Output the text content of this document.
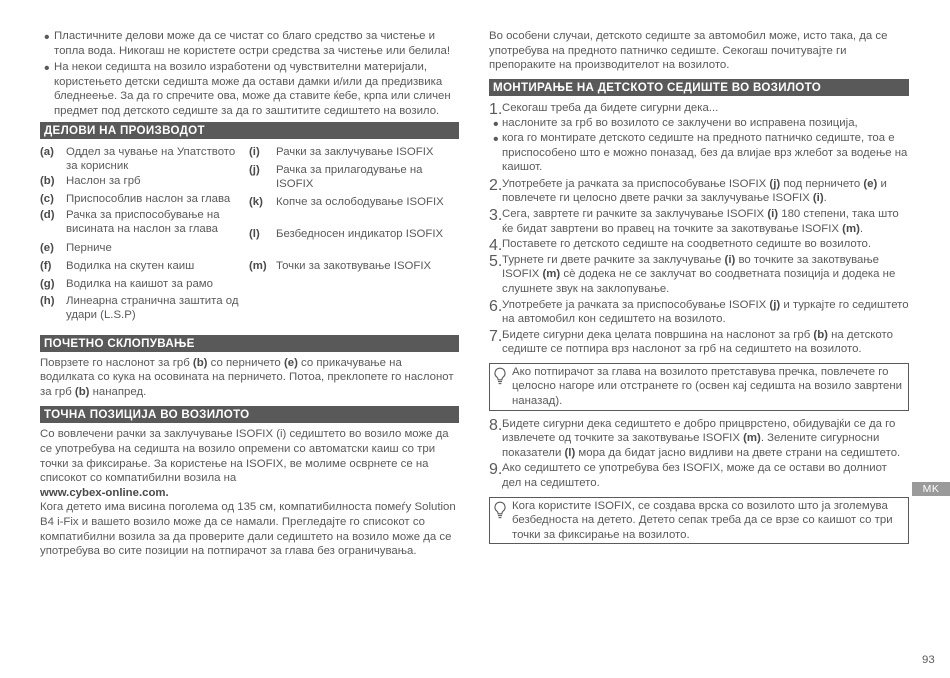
• Пластичните делови може да се чистат со благо средство за чистење и топла вода. Никогаш не користете остри средства за чистење или белила!

• На некои седишта на возило изработени од чувствителни материјали, користењето детски седишта може да остави дамки и/или да предизвика бледнеење. За да го спречите ова, може да ставите ќебе, крпа или сличен предмет под детското седиште за да го заштитите седиштето на возило.

ДЕЛОВИ НА ПРОИЗВОДОТ
(a)	Оддел за чување на Упатството за корисник
(b)	Наслон за грб
(c)	Приспособлив наслон за глава
(d)	Рачка за приспособување на висината на наслон за глава
(e)	Перниче
(f)	Водилка на скутен каиш
(g)	Водилка на каишот за рамо
(h)	Линеарна странична заштита од удари (L.S.P)
(i)	Рачки за заклучување ISOFIX
(j)	Рачка за прилагодување на ISOFIX
(k)	Копче за ослободување ISOFIX
(l)	Безбедносен индикатор ISOFIX
(m) Точки за закотвување ISOFIX
ПОЧЕТНО СКЛОПУВАЊЕ

Поврзете го наслонот за грб (b) со перничето (e) со прикачување на водилката со кука на осовината на перничето. Потоа, преклопете го наслонот за грб (b) нанапред.

ТОЧНА ПОЗИЦИЈА ВО ВОЗИЛОТО

Со вовлечени рачки за заклучување ISOFIX (i) седиштето во возило може да се употребува на седишта на возило опремени со автоматски каиш со три точки за фиксирање. За користење на ISOFIX, ве молиме осврнете се на списокот со компатибилни возила на

www.cybex-online.com.

Кога детето има висина поголема од 135 см, компатибилноста помеѓу Solution B4 i-Fix и вашето возило може да се намали. Прегледајте го списокот со компатибилни возила за да проверите дали седиштето на возило може да се употребува во сите позиции на потпирачот за глава без ограничувања.

Во особени случаи, детското седиште за автомобил може, исто така, да се употребува на предното патничко седиште. Секогаш почитувајте ги препораките на производителот на возилото.

МОНТИРАЊЕ НА ДЕТСКОТО СЕДИШТЕ ВО ВОЗИЛОТО
1. Секогаш треба да бидете сигурни дека...

• наслоните за грб во возилото се заклучени во исправена позиција,

• кога го монтирате детското седиште на предното патничко седиште, тоа е приспособено што е можно поназад, без да влијае врз жлебот за водење на каишот.

2. Употребете ја рачката за приспособување ISOFIX (j) под перничето (e) и повлечете ги целосно двете рачки за заклучување ISOFIX (i).

3. Сега, завртете ги рачките за заклучување ISOFIX (i) 180 степени, така што ќе бидат завртени во правец на точките за закотвување ISOFIX (m).

4. Поставете го детското седиште на соодветното седиште во возилото.

5. Турнете ги двете рачките за заклучување (i) во точките за закотвување ISOFIX (m) сè додека не се заклучат во соодветната позиција и додека не слушнете звук на заклопување.

6. Употребете ја рачката за приспособување ISOFIX (j) и туркајте го седиштето на автомобил кон седиштето на возилото.

7. Бидете сигурни дека целата површина на наслонот за грб (b) на детското седиште се потпира врз наслонот за грб на седиштето на возилото.

Ако потпирачот за глава на возилото претставува пречка, повлечете го целосно нагоре или отстранете го (освен кај седишта на возило завртени наназад).

8. Бидете сигурни дека седиштето е добро прицврстено, обидувајќи се да го извлечете од точките за закотвување ISOFIX (m). Зелените сигурносни показатели (l) мора да бидат јасно видливи на двете страни на седиштето.

9. Ако седиштето се употребува без ISOFIX, може да се остави во долниот дел на седиштето.

Кога користите ISOFIX, се создава врска со возилото што ја зголемува безбедноста на детето. Детето сепак треба да се врзе со каишот со три точки за фиксирање на возилото.

MK
93
